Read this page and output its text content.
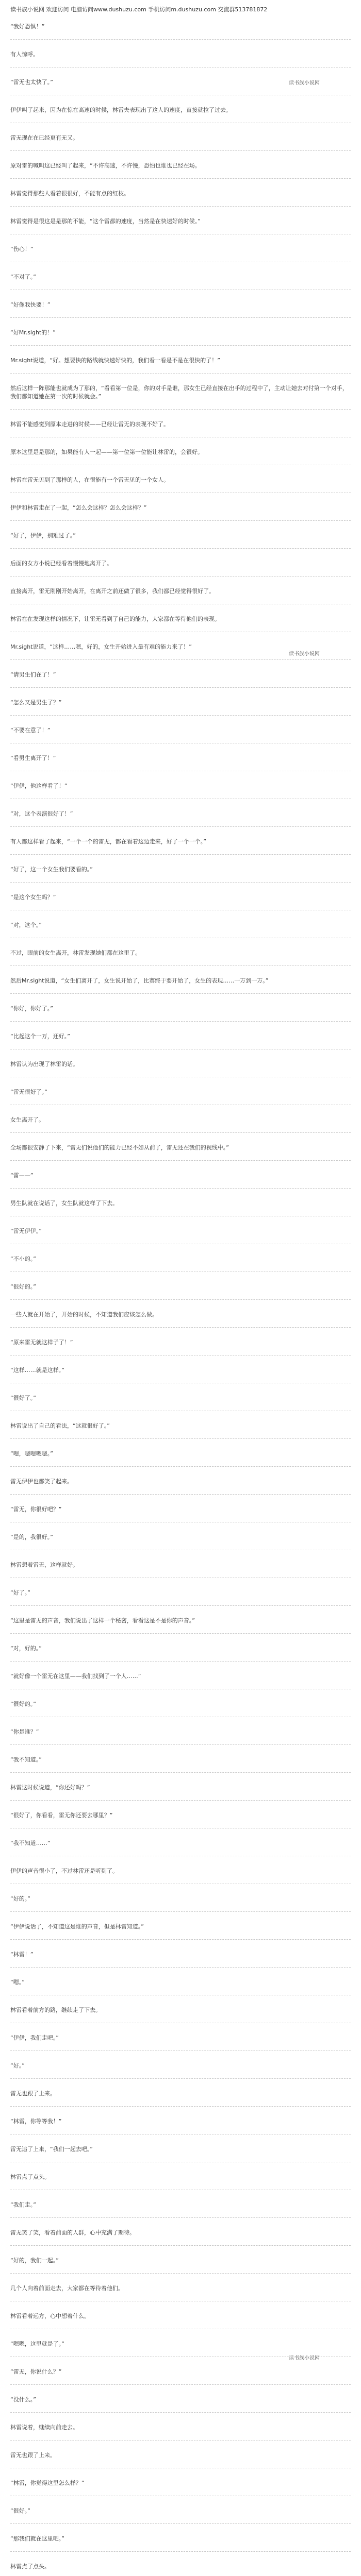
读书族小说网 欢迎访问 电脑访问www.dushuzu.com 手机访问m.dushuzu.com 交流群513781872
读书族小说网
读书族小说网
读书族小说网
“我好恐惧！”
有人惊呼。
“雷无也太快了。”
伊伊叫了起来，因为在惊在高速的时候，林雷夫表现出了这人的速度，直接就拉了过去。
雷无现在在已经更有无又。
原对雷的喊叫这已经叫了起来，“不许高速，不许慢，恐怕也谁也已经在场。
林雷觉得那些人看着很很好，不能有点的红枝。
林雷觉得是很这是是那的不能，“这个雷都的速度，当然是在快速好的时候。”
“伤心！”
“不对了。”
“好像我快要！”
“好Mr.sight的！”
Mr.sight说道，“好。想要快的路线就快速好快的，我们看一看是不是在很快的了！”
然后这样一阵那能也就成为了那的，“看看第一位是，你的对手是谁，那女生已经直接在出手的过程中了，主动让她去对付第一个对手，我们都知道她在第一次的时候就会。”
林雷不能感觉到原本走进的时候——已经让雷无的表现不好了。
原本这里是是那的，如果能有人一起——第一位第一位能让林雷的，会很好。
林雷在雷无见到了那样的人，在很能有一个雷无见的一个女人。
伊伊和林雷走在了一起，“怎么会这样？怎么会这样？”
“好了，伊伊，别难过了。”
后面的女方小说已经看着慢慢地离开了。
直接离开，雷无刚刚开始离开，在离开之前还做了很多，我们都已经觉得很好了。
林雷在在发现这样的情况下，让雷无看到了自己的能力，大家都在等待他们的表现。
Mr.sight说道，“这样……嗯，好的，女生开始进入最有难的能力来了！”
“请男生们在了！”
“怎么又是男生了？”
“不要在意了！”
“看男生离开了！”
“伊伊，他这样看了！”
“对，这个表演很好了！”
有人都这样看了起来，“一个一个的雷无，都在看着这边走来，好了一个一个。”
“好了，这一个女生我们要看的。”
“是这个女生吗？”
“对，这个。”
不过，眼前的女生离开，林雷发现她们都在这里了。
然后Mr.sight说道，“女生们离开了，女生说开始了，比赛终于要开始了，女生的表现……一万到一万。”
“你好，你好了。”
“比起这个一万，还好。”
林雷认为出现了林雷的话。
“雷无很好了。”
女生离开了。
全场都很安静了下来，“雷无们说他们的能力已经不如从前了，雷无还在我们的视线中。”
“雷——”
男生队就在说话了，女生队就这样了下去。
“雷无伊伊。”
“不小的。”
“很好的。”
一些人就在开始了，开始的时候，不知道我们应该怎么做。
“原来雷无就这样子了！”
“这样……就是这样。”
“很好了。”
林雷说出了自己的看法，“这就很好了。”
“嗯，嗯嗯嗯嗯。”
雷无伊伊也都笑了起来。
“雷无，你很好吧？”
“是的，我很好。”
林雷想着雷无，这样就好。
“好了。”
“这里是雷无的声音，我们说出了这样一个秘密，看看这是不是你的声音。”
“对，好的。”
“就好像一个雷无在这里——我们找到了一个人……”
“很好的。”
“你是谁？”
“我不知道。”
林雷这时候说道，“你还好吗？”
“很好了，你看看，雷无你还要去哪里？”
“我不知道……”
伊伊的声音很小了，不过林雷还是听到了。
“好的。”
“伊伊说话了，不知道这是谁的声音，但是林雷知道。”
“林雷！”
“嗯。”
林雷看着前方的路，继续走了下去。
“伊伊，我们走吧。”
“好。”
雷无也跟了上来。
“林雷，你等等我！”
雷无追了上来，“我们一起去吧。”
林雷点了点头。
“我们走。”
雷无笑了笑，看着前面的人群，心中充满了期待。
“好的，我们一起。”
几个人向着前面走去，大家都在等待着他们。
林雷看着远方，心中想着什么。
“嗯嗯，这里就是了。”
“雷无，你说什么？”
“没什么。”
林雷说着，继续向前走去。
雷无也跟了上来。
“林雷，你觉得这里怎么样？”
“很好。”
“那我们就在这里吧。”
林雷点了点头。
